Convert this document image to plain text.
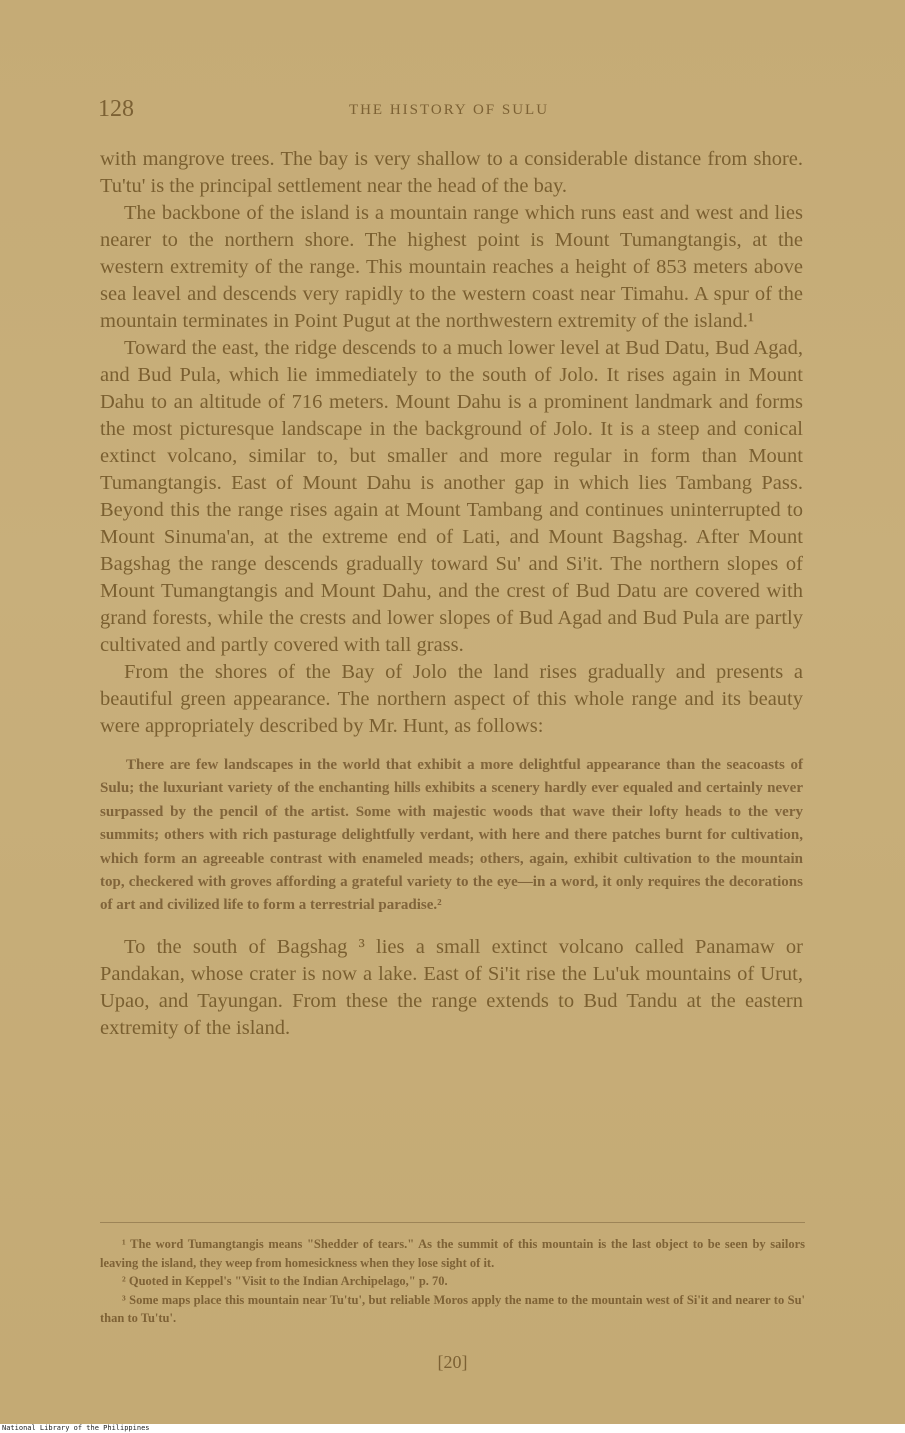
128	THE HISTORY OF SULU

with mangrove trees. The bay is very shallow to a considerable distance from shore. Tu'tu' is the principal settlement near the head of the bay.

The backbone of the island is a mountain range which runs east and west and lies nearer to the northern shore. The highest point is Mount Tumangtangis, at the western extremity of the range. This mountain reaches a height of 853 meters above sea leavel and descends very rapidly to the western coast near Timahu. A spur of the mountain terminates in Point Pugut at the northwestern extremity of the island.¹

Toward the east, the ridge descends to a much lower level at Bud Datu, Bud Agad, and Bud Pula, which lie immediately to the south of Jolo. It rises again in Mount Dahu to an altitude of 716 meters. Mount Dahu is a prominent landmark and forms the most picturesque landscape in the background of Jolo. It is a steep and conical extinct volcano, similar to, but smaller and more regular in form than Mount Tumangtangis. East of Mount Dahu is another gap in which lies Tambang Pass. Beyond this the range rises again at Mount Tambang and continues uninterrupted to Mount Sinuma'an, at the extreme end of Lati, and Mount Bagshag. After Mount Bagshag the range descends gradually toward Su' and Si'it. The northern slopes of Mount Tumangtangis and Mount Dahu, and the crest of Bud Datu are covered with grand forests, while the crests and lower slopes of Bud Agad and Bud Pula are partly cultivated and partly covered with tall grass.

From the shores of the Bay of Jolo the land rises gradually and presents a beautiful green appearance. The northern aspect of this whole range and its beauty were appropriately described by Mr. Hunt, as follows:

There are few landscapes in the world that exhibit a more delightful appearance than the seacoasts of Sulu; the luxuriant variety of the enchanting hills exhibits a scenery hardly ever equaled and certainly never surpassed by the pencil of the artist. Some with majestic woods that wave their lofty heads to the very summits; others with rich pasturage delightfully verdant, with here and there patches burnt for cultivation, which form an agreeable contrast with enameled meads; others, again, exhibit cultivation to the mountain top, checkered with groves affording a grateful variety to the eye—in a word, it only requires the decorations of art and civilized life to form a terrestrial paradise.²

To the south of Bagshag ³ lies a small extinct volcano called Panamaw or Pandakan, whose crater is now a lake. East of Si'it rise the Lu'uk mountains of Urut, Upao, and Tayungan. From these the range extends to Bud Tandu at the eastern extremity of the island.

¹ The word Tumangtangis means "Shedder of tears." As the summit of this mountain is the last object to be seen by sailors leaving the island, they weep from homesickness when they lose sight of it.

² Quoted in Keppel's "Visit to the Indian Archipelago," p. 70.

³ Some maps place this mountain near Tu'tu', but reliable Moros apply the name to the mountain west of Si'it and nearer to Su' than to Tu'tu'.

[20]
National Library of the Philippines
